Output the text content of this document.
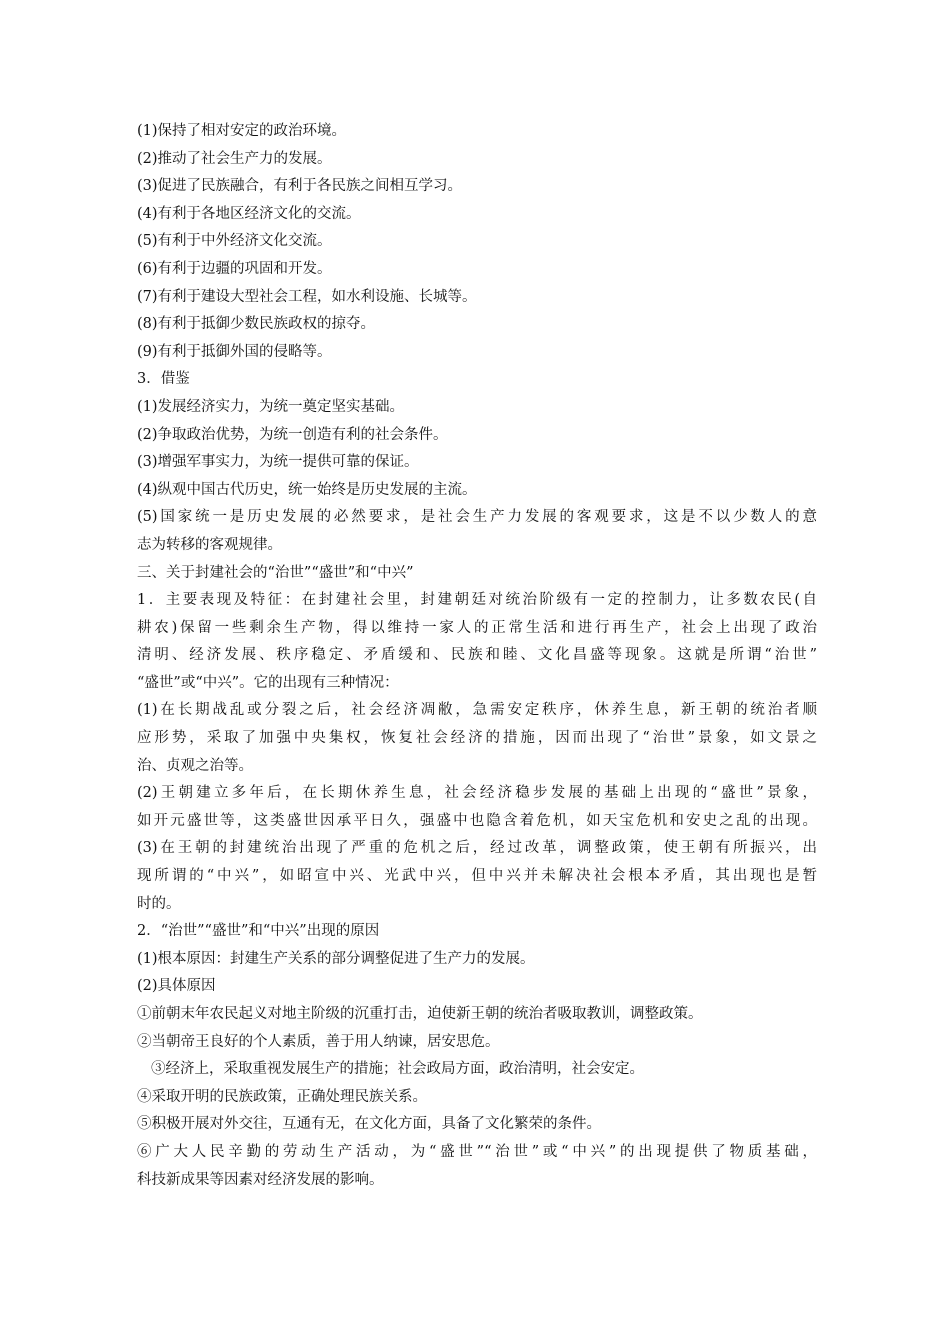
(1)保持了相对安定的政治环境。
(2)推动了社会生产力的发展。
(3)促进了民族融合，有利于各民族之间相互学习。
(4)有利于各地区经济文化的交流。
(5)有利于中外经济文化交流。
(6)有利于边疆的巩固和开发。
(7)有利于建设大型社会工程，如水利设施、长城等。
(8)有利于抵御少数民族政权的掠夺。
(9)有利于抵御外国的侵略等。
3．借鉴
(1)发展经济实力，为统一奠定坚实基础。
(2)争取政治优势，为统一创造有利的社会条件。
(3)增强军事实力，为统一提供可靠的保证。
(4)纵观中国古代历史，统一始终是历史发展的主流。
(5)国家统一是历史发展的必然要求，是社会生产力发展的客观要求，这是不以少数人的意
志为转移的客观规律。
三、关于封建社会的“治世”“盛世”和“中兴”
1．主要表现及特征：在封建社会里，封建朝廷对统治阶级有一定的控制力，让多数农民(自
耕农)保留一些剩余生产物，得以维持一家人的正常生活和进行再生产，社会上出现了政治
清明、经济发展、秩序稳定、矛盾缓和、民族和睦、文化昌盛等现象。这就是所谓“治世”
“盛世”或“中兴”。它的出现有三种情况：
(1)在长期战乱或分裂之后，社会经济凋敝，急需安定秩序，休养生息，新王朝的统治者顺
应形势，采取了加强中央集权，恢复社会经济的措施，因而出现了“治世”景象，如文景之
治、贞观之治等。
(2)王朝建立多年后，在长期休养生息，社会经济稳步发展的基础上出现的“盛世”景象，
如开元盛世等，这类盛世因承平日久，强盛中也隐含着危机，如天宝危机和安史之乱的出现。
(3)在王朝的封建统治出现了严重的危机之后，经过改革，调整政策，使王朝有所振兴，出
现所谓的“中兴”，如昭宣中兴、光武中兴，但中兴并未解决社会根本矛盾，其出现也是暂
时的。
2．“治世”“盛世”和“中兴”出现的原因
(1)根本原因：封建生产关系的部分调整促进了生产力的发展。
(2)具体原因
①前朝末年农民起义对地主阶级的沉重打击，迫使新王朝的统治者吸取教训，调整政策。
②当朝帝王良好的个人素质，善于用人纳谏，居安思危。
③经济上，采取重视发展生产的措施；社会政局方面，政治清明，社会安定。
④采取开明的民族政策，正确处理民族关系。
⑤积极开展对外交往，互通有无，在文化方面，具备了文化繁荣的条件。
⑥广大人民辛勤的劳动生产活动，为“盛世”“治世”或“中兴”的出现提供了物质基础，
科技新成果等因素对经济发展的影响。
